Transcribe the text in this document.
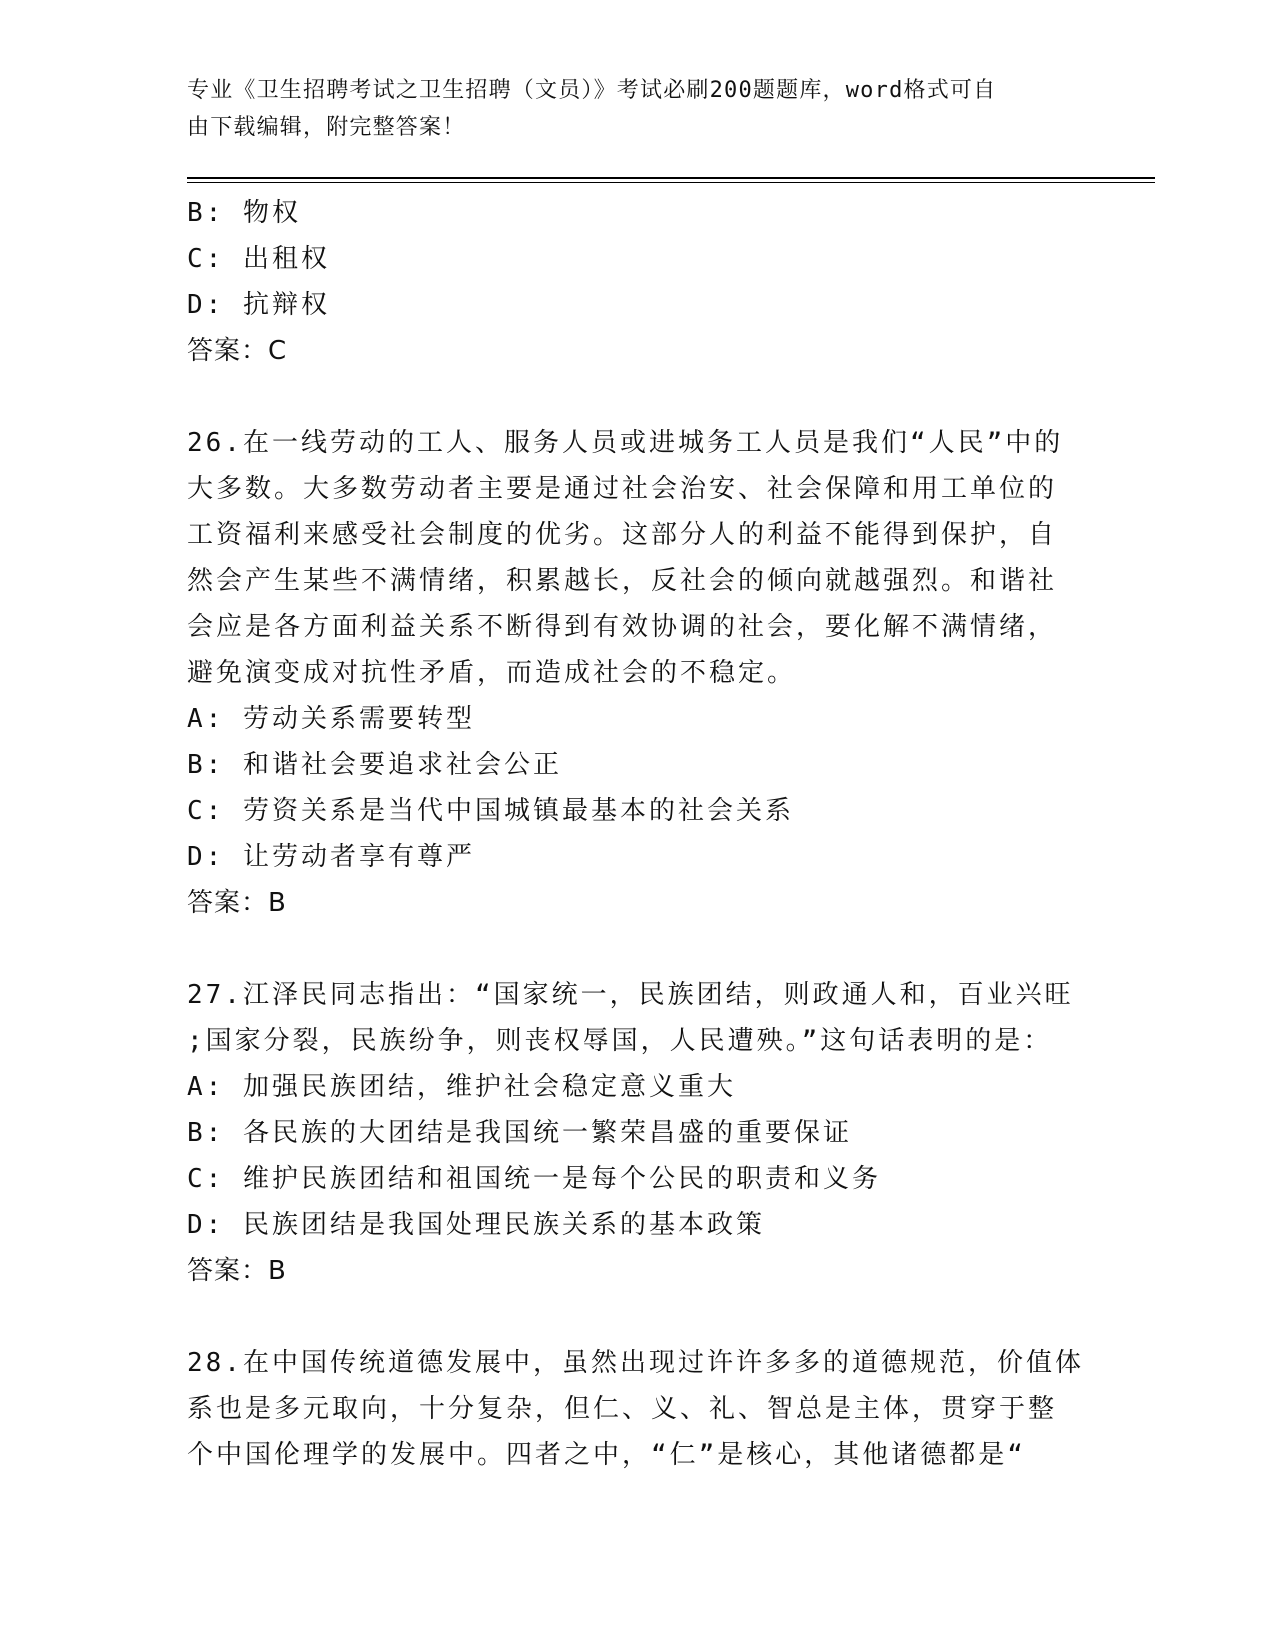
专业《卫生招聘考试之卫生招聘（文员）》考试必刷200题题库，word格式可自
由下载编辑，附完整答案！
B: 物权
C: 出租权
D: 抗辩权
答案：C
26.在一线劳动的工人、服务人员或进城务工人员是我们“人民”中的
大多数。大多数劳动者主要是通过社会治安、社会保障和用工单位的
工资福利来感受社会制度的优劣。这部分人的利益不能得到保护，自
然会产生某些不满情绪，积累越长，反社会的倾向就越强烈。和谐社
会应是各方面利益关系不断得到有效协调的社会，要化解不满情绪，
避免演变成对抗性矛盾，而造成社会的不稳定。
A: 劳动关系需要转型
B: 和谐社会要追求社会公正
C: 劳资关系是当代中国城镇最基本的社会关系
D: 让劳动者享有尊严
答案：B
27.江泽民同志指出：“国家统一，民族团结，则政通人和，百业兴旺
;国家分裂，民族纷争，则丧权辱国，人民遭殃。”这句话表明的是：
A: 加强民族团结，维护社会稳定意义重大
B: 各民族的大团结是我国统一繁荣昌盛的重要保证
C: 维护民族团结和祖国统一是每个公民的职责和义务
D: 民族团结是我国处理民族关系的基本政策
答案：B
28.在中国传统道德发展中，虽然出现过许许多多的道德规范，价值体
系也是多元取向，十分复杂，但仁、义、礼、智总是主体，贯穿于整
个中国伦理学的发展中。四者之中，“仁”是核心，其他诸德都是“
